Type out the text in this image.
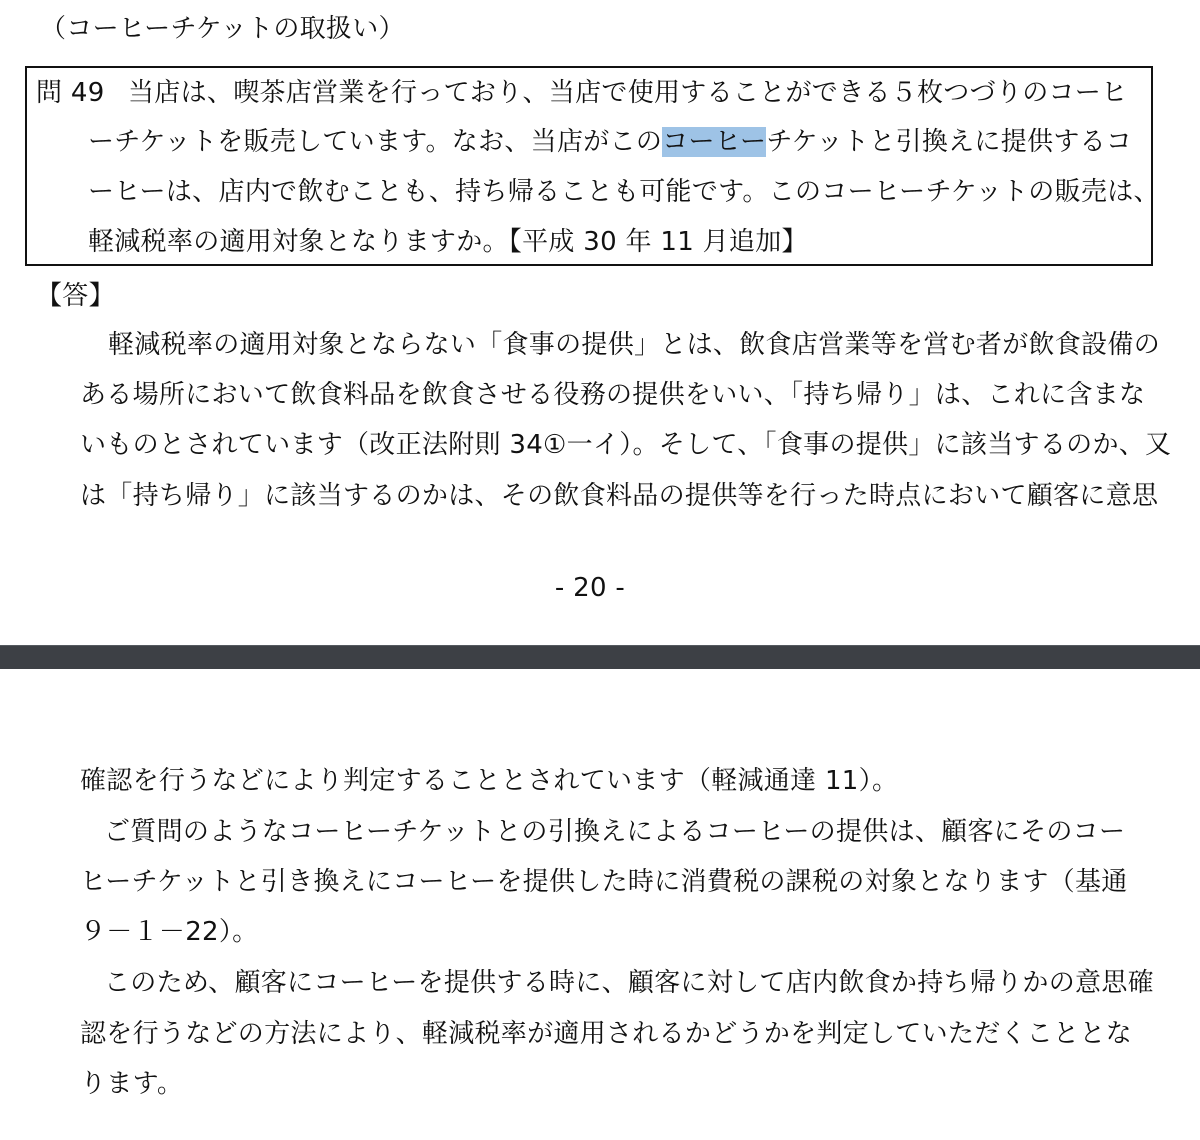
（コーヒーチケットの取扱い）
問 49 当店は、喫茶店営業を行っており、当店で使用することができる５枚つづりのコーヒ
ーチケットを販売しています。なお、当店がこのコーヒーチケットと引換えに提供するコ
ーヒーは、店内で飲むことも、持ち帰ることも可能です。このコーヒーチケットの販売は、
軽減税率の適用対象となりますか。【平成 30 年 11 月追加】
【答】
軽減税率の適用対象とならない「食事の提供」とは、飲食店営業等を営む者が飲食設備の
ある場所において飲食料品を飲食させる役務の提供をいい、「持ち帰り」は、これに含まな
いものとされています（改正法附則 34①一イ）。そして、「食事の提供」に該当するのか、又
は「持ち帰り」に該当するのかは、その飲食料品の提供等を行った時点において顧客に意思
- 20 -
確認を行うなどにより判定することとされています（軽減通達 11）。
ご質問のようなコーヒーチケットとの引換えによるコーヒーの提供は、顧客にそのコー
ヒーチケットと引き換えにコーヒーを提供した時に消費税の課税の対象となります（基通
９－１－22）。
このため、顧客にコーヒーを提供する時に、顧客に対して店内飲食か持ち帰りかの意思確
認を行うなどの方法により、軽減税率が適用されるかどうかを判定していただくこととな
ります。
